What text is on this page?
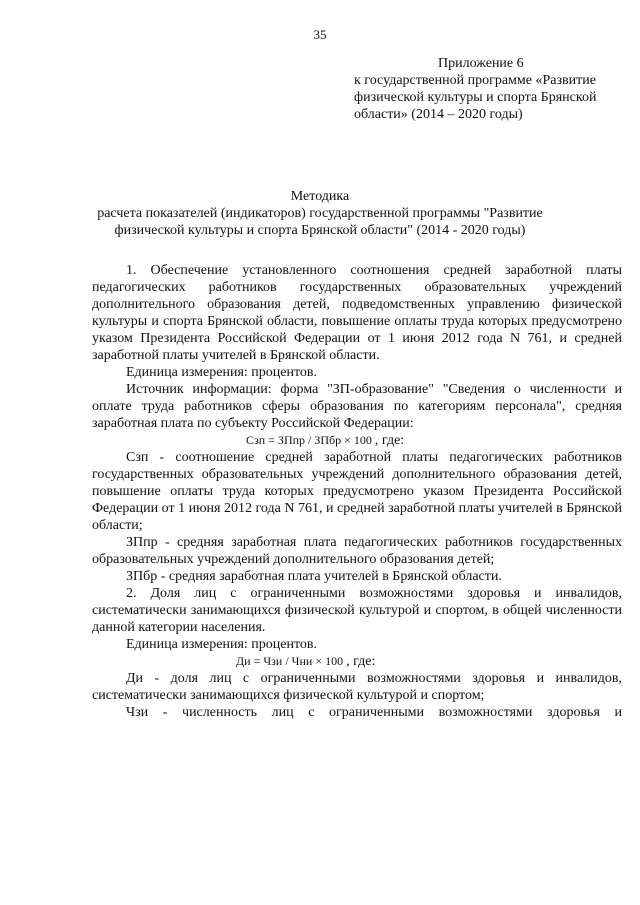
35
Приложение 6
к государственной программе «Развитие физической культуры и спорта Брянской области» (2014 – 2020 годы)
Методика
расчета показателей (индикаторов) государственной программы "Развитие физической культуры и спорта Брянской области" (2014 - 2020 годы)

1. Обеспечение установленного соотношения средней заработной платы педагогических работников государственных образовательных учреждений дополнительного образования детей, подведомственных управлению физической культуры и спорта Брянской области, повышение оплаты труда которых предусмотрено указом Президента Российской Федерации от 1 июня 2012 года N 761, и средней заработной платы учителей в Брянской области.

Единица измерения: процентов.

Источник информации: форма "ЗП-образование" "Сведения о численности и оплате труда работников сферы образования по категориям персонала", средняя заработная плата по субъекту Российской Федерации:

Сзп = ЗПпр / ЗПбр × 100 , где:

Сзп - соотношение средней заработной платы педагогических работников государственных образовательных учреждений дополнительного образования детей, повышение оплаты труда которых предусмотрено указом Президента Российской Федерации от 1 июня 2012 года N 761, и средней заработной платы учителей в Брянской области;

ЗПпр - средняя заработная плата педагогических работников государственных образовательных учреждений дополнительного образования детей;

ЗПбр - средняя заработная плата учителей в Брянской области.

2. Доля лиц с ограниченными возможностями здоровья и инвалидов, систематически занимающихся физической культурой и спортом, в общей численности данной категории населения.

Единица измерения: процентов.

Ди = Чзи / Чни × 100 , где:

Ди - доля лиц с ограниченными возможностями здоровья и инвалидов, систематически занимающихся физической культурой и спортом;

Чзи - численность лиц с ограниченными возможностями здоровья и
